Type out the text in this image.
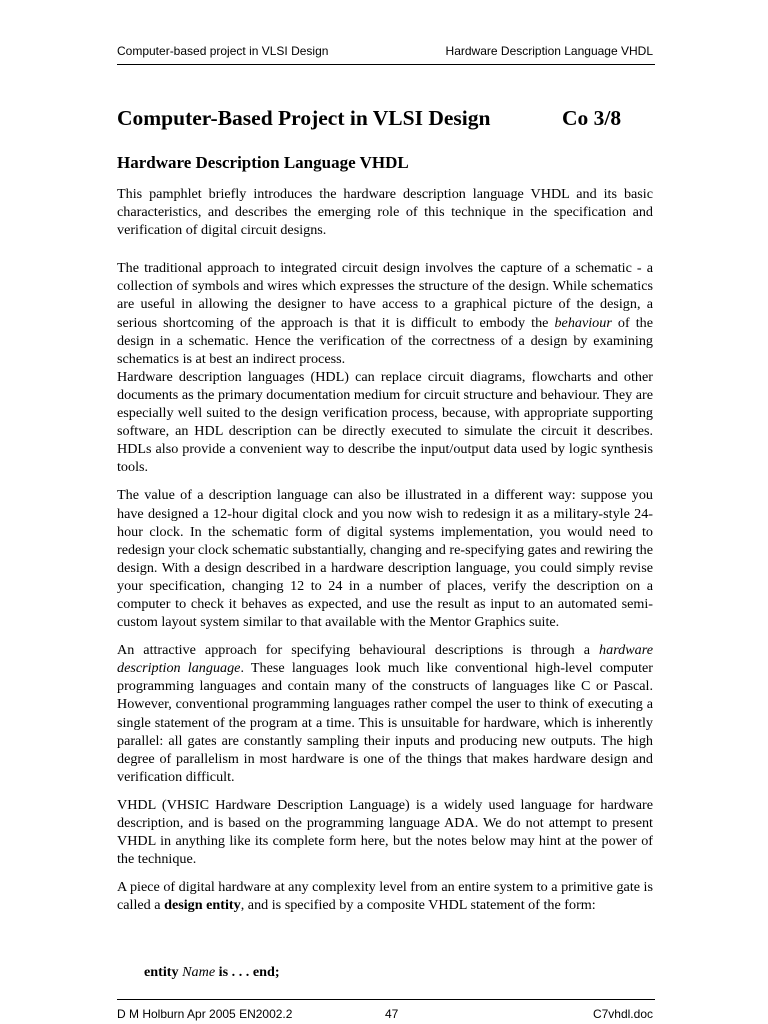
Computer-based project in VLSI Design	Hardware Description Language VHDL
Computer-Based Project in VLSI Design	Co 3/8
Hardware Description Language VHDL

This pamphlet briefly introduces the hardware description language VHDL and its basic characteristics, and describes the emerging role of this technique in the specification and verification of digital circuit designs.

The traditional approach to integrated circuit design involves the capture of a schematic - a collection of symbols and wires which expresses the structure of the design. While schematics are useful in allowing the designer to have access to a graphical picture of the design, a serious shortcoming of the approach is that it is difficult to embody the behaviour of the design in a schematic. Hence the verification of the correctness of a design by examining schematics is at best an indirect process.

Hardware description languages (HDL) can replace circuit diagrams, flowcharts and other documents as the primary documentation medium for circuit structure and behaviour. They are especially well suited to the design verification process, because, with appropriate supporting software, an HDL description can be directly executed to simulate the circuit it describes. HDLs also provide a convenient way to describe the input/output data used by logic synthesis tools.

The value of a description language can also be illustrated in a different way: suppose you have designed a 12-hour digital clock and you now wish to redesign it as a military-style 24-hour clock. In the schematic form of digital systems implementation, you would need to redesign your clock schematic substantially, changing and re-specifying gates and rewiring the design. With a design described in a hardware description language, you could simply revise your specification, changing 12 to 24 in a number of places, verify the description on a computer to check it behaves as expected, and use the result as input to an automated semi-custom layout system similar to that available with the Mentor Graphics suite.

An attractive approach for specifying behavioural descriptions is through a hardware description language. These languages look much like conventional high-level computer programming languages and contain many of the constructs of languages like C or Pascal. However, conventional programming languages rather compel the user to think of executing a single statement of the program at a time. This is unsuitable for hardware, which is inherently parallel: all gates are constantly sampling their inputs and producing new outputs. The high degree of parallelism in most hardware is one of the things that makes hardware design and verification difficult.

VHDL (VHSIC Hardware Description Language) is a widely used language for hardware description, and is based on the programming language ADA. We do not attempt to present VHDL in anything like its complete form here, but the notes below may hint at the power of the technique.

A piece of digital hardware at any complexity level from an entire system to a primitive gate is called a design entity, and is specified by a composite VHDL statement of the form:

entity Name is . . . end;
D M Holburn Apr 2005 EN2002.2	47	C7vhdl.doc
